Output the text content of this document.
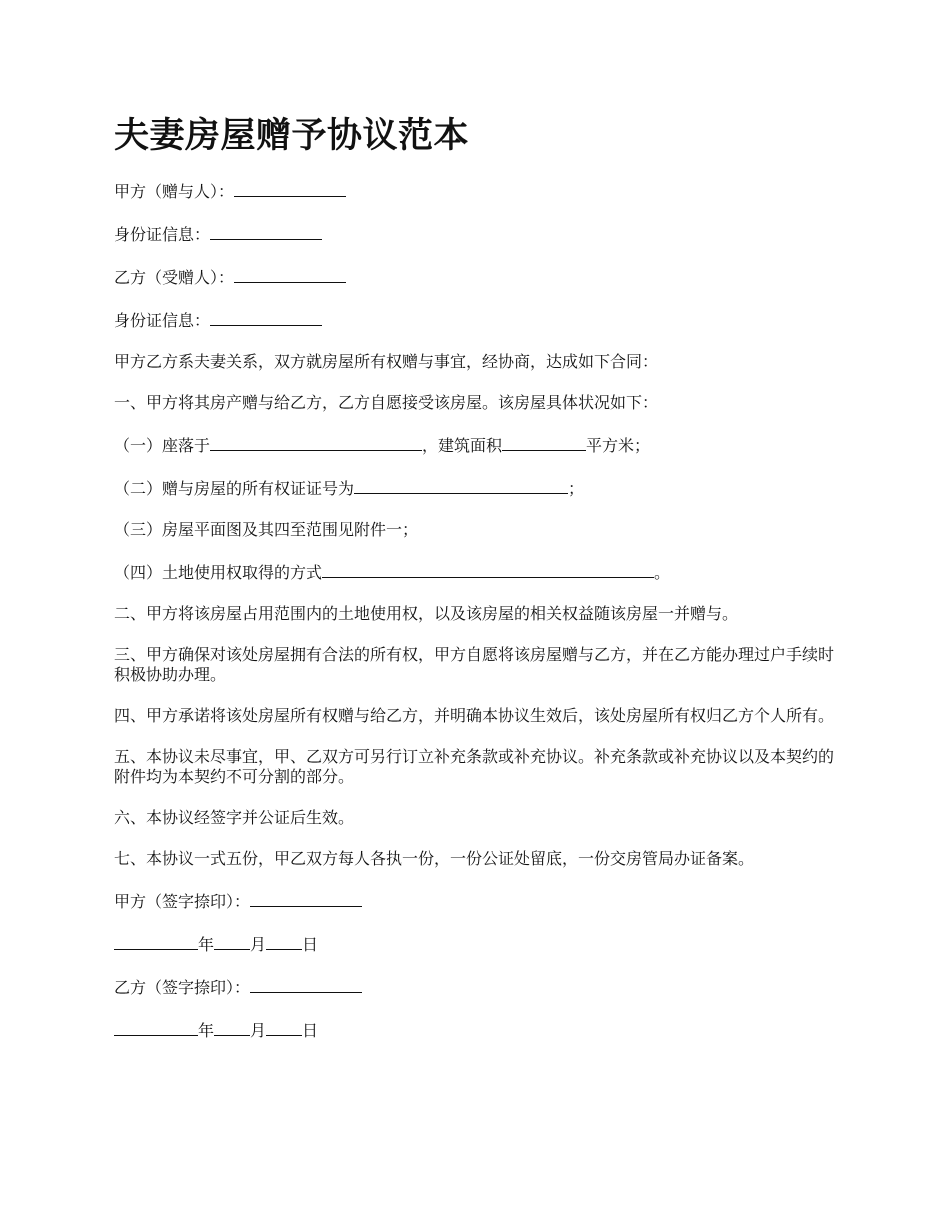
夫妻房屋赠予协议范本
甲方（赠与人）：
身份证信息：
乙方（受赠人）：
身份证信息：
甲方乙方系夫妻关系，双方就房屋所有权赠与事宜，经协商，达成如下合同：
一、甲方将其房产赠与给乙方，乙方自愿接受该房屋。该房屋具体状况如下：
（一）座落于	，建筑面积	平方米；
（二）赠与房屋的所有权证证号为	；
（三）房屋平面图及其四至范围见附件一；
（四）土地使用权取得的方式	。
二、甲方将该房屋占用范围内的土地使用权，以及该房屋的相关权益随该房屋一并赠与。
三、甲方确保对该处房屋拥有合法的所有权，甲方自愿将该房屋赠与乙方，并在乙方能办理过户手续时积极协助办理。
四、甲方承诺将该处房屋所有权赠与给乙方，并明确本协议生效后，该处房屋所有权归乙方个人所有。
五、本协议未尽事宜，甲、乙双方可另行订立补充条款或补充协议。补充条款或补充协议以及本契约的附件均为本契约不可分割的部分。
六、本协议经签字并公证后生效。
七、本协议一式五份，甲乙双方每人各执一份，一份公证处留底，一份交房管局办证备案。
甲方（签字捺印）：
年 月 日
乙方（签字捺印）：
年 月 日
